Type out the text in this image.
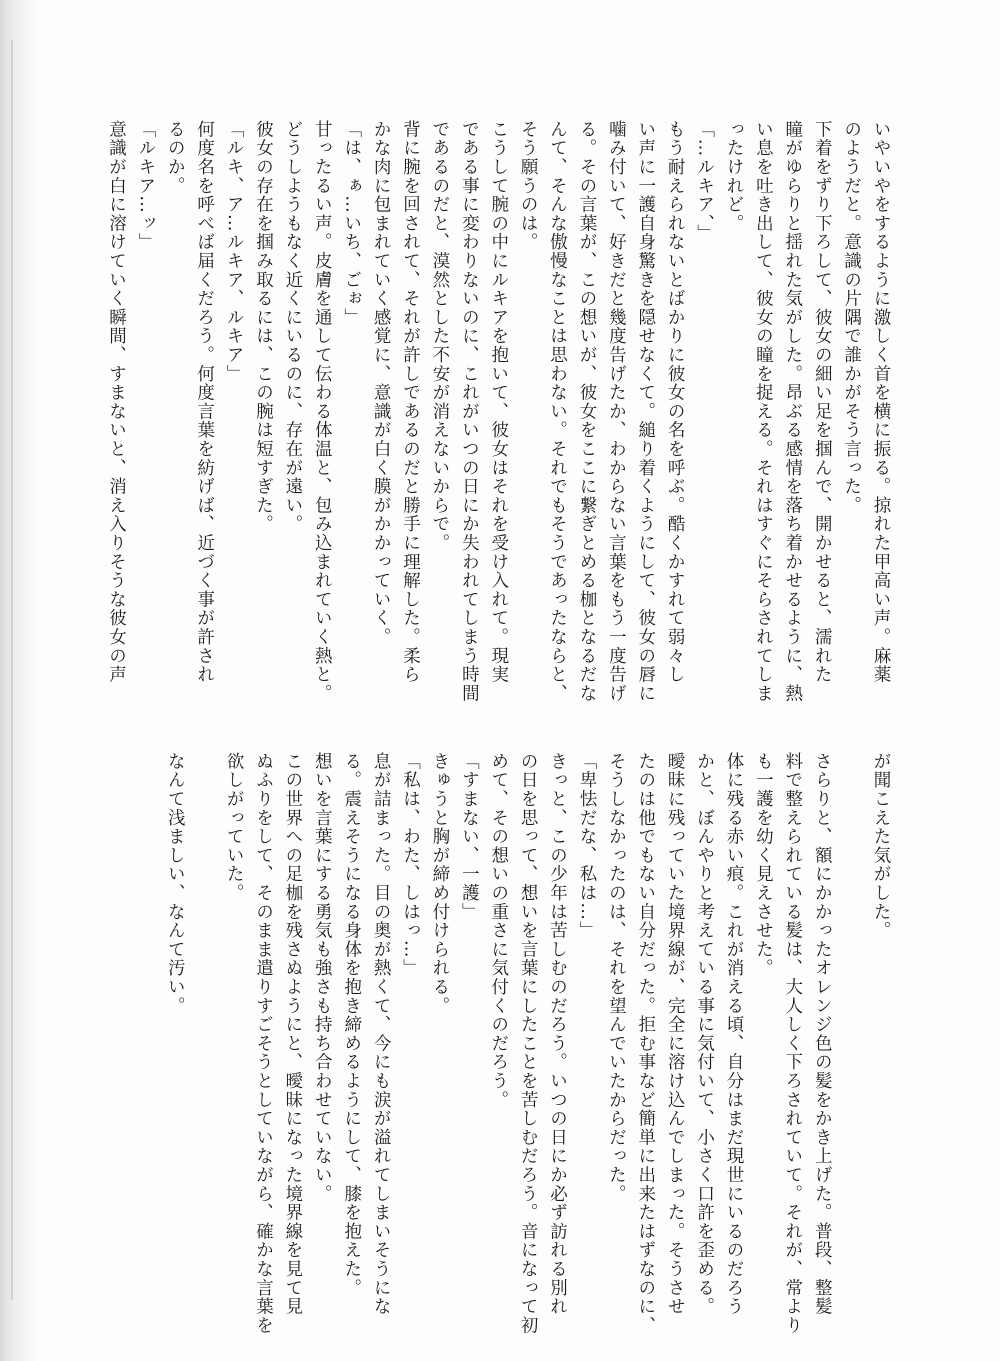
いやいやをするように激しく首を横に振る。掠れた甲高い声。麻薬
のようだと。意識の片隅で誰かがそう言った。
下着をずり下ろして、彼女の細い足を掴んで、開かせると、濡れた
瞳がゆらりと揺れた気がした。昂ぶる感情を落ち着かせるように、熱
い息を吐き出して、彼女の瞳を捉える。それはすぐにそらされてしま
ったけれど。
「…ルキア、」
もう耐えられないとばかりに彼女の名を呼ぶ。酷くかすれて弱々し
い声に一護自身驚きを隠せなくて。縋り着くようにして、彼女の唇に
噛み付いて、好きだと幾度告げたか、わからない言葉をもう一度告げ
る。その言葉が、この想いが、彼女をここに繋ぎとめる枷となるだな
んて、そんな傲慢なことは思わない。それでもそうであったならと、
そう願うのは。
こうして腕の中にルキアを抱いて、彼女はそれを受け入れて。現実
である事に変わりないのに、これがいつの日にか失われてしまう時間
であるのだと、漠然とした不安が消えないからで。
背に腕を回されて、それが許しであるのだと勝手に理解した。柔ら
かな肉に包まれていく感覚に、意識が白く膜がかかっていく。
「は、ぁ…いち、ごぉ」
甘ったるい声。皮膚を通して伝わる体温と、包み込まれていく熱と。
どうしようもなく近くにいるのに、存在が遠い。
彼女の存在を掴み取るには、この腕は短すぎた。
「ルキ、ア…ルキア、ルキア」
何度名を呼べば届くだろう。何度言葉を紡げば、近づく事が許され
るのか。
「ルキア…ッ」
意識が白に溶けていく瞬間、すまないと、消え入りそうな彼女の声
が聞こえた気がした。

さらりと、額にかかったオレンジ色の髪をかき上げた。普段、整髪
料で整えられている髪は、大人しく下ろされていて。それが、常より
も一護を幼く見えさせた。
体に残る赤い痕。これが消える頃、自分はまだ現世にいるのだろう
かと、ぼんやりと考えている事に気付いて、小さく口許を歪める。
曖昧に残っていた境界線が、完全に溶け込んでしまった。そうさせ
たのは他でもない自分だった。拒む事など簡単に出来たはずなのに、
そうしなかったのは、それを望んでいたからだった。
「卑怯だな、私は…」
きっと、この少年は苦しむのだろう。いつの日にか必ず訪れる別れ
の日を思って、想いを言葉にしたことを苦しむだろう。音になって初
めて、その想いの重さに気付くのだろう。
「すまない、一護」
きゅうと胸が締め付けられる。
「私は、わた、しはっ…」
息が詰まった。目の奥が熱くて、今にも涙が溢れてしまいそうにな
る。震えそうになる身体を抱き締めるようにして、膝を抱えた。
想いを言葉にする勇気も強さも持ち合わせていない。
この世界への足枷を残さぬようにと、曖昧になった境界線を見て見
ぬふりをして、そのまま遣りすごそうとしていながら、確かな言葉を
欲しがっていた。

なんて浅ましい、なんて汚い。
